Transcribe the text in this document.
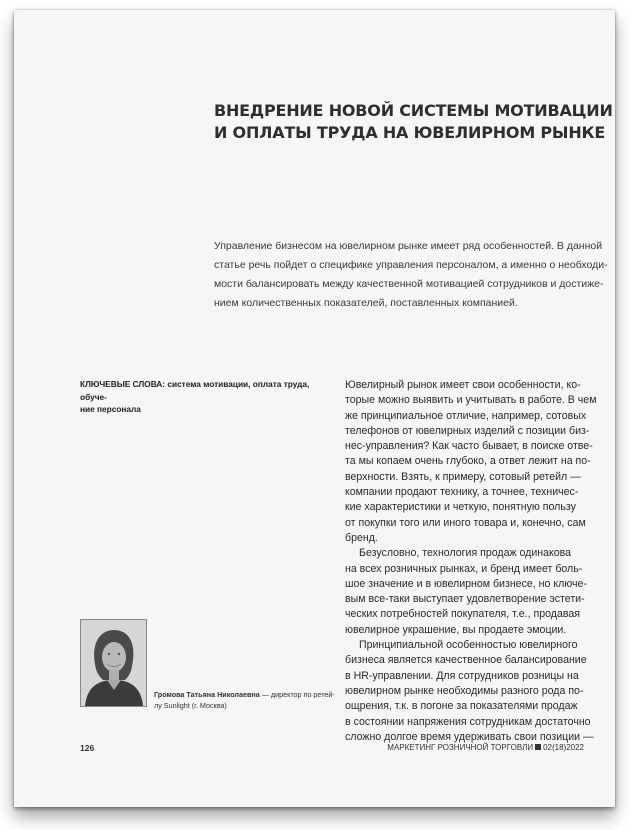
ВНЕДРЕНИЕ НОВОЙ СИСТЕМЫ МОТИВАЦИИ
И ОПЛАТЫ ТРУДА НА ЮВЕЛИРНОМ РЫНКЕ
Управление бизнесом на ювелирном рынке имеет ряд особенностей. В данной
статье речь пойдет о специфике управления персоналом, а именно о необходи-
мости балансировать между качественной мотивацией сотрудников и достиже-
нием количественных показателей, поставленных компанией.
КЛЮЧЕВЫЕ СЛОВА: система мотивации, оплата труда, обуче-
ние персонала
Ювелирный рынок имеет свои особенности, ко-
торые можно выявить и учитывать в работе. В чем
же принципиальное отличие, например, сотовых
телефонов от ювелирных изделий с позиции биз-
нес-управления? Как часто бывает, в поиске отве-
та мы копаем очень глубоко, а ответ лежит на по-
верхности. Взять, к примеру, сотовый ретейл —
компании продают технику, а точнее, техничес-
кие характеристики и четкую, понятную пользу
от покупки того или иного товара и, конечно, сам
бренд.
Безусловно, технология продаж одинакова
на всех розничных рынках, и бренд имеет боль-
шое значение и в ювелирном бизнесе, но ключе-
вым все-таки выступает удовлетворение эстети-
ческих потребностей покупателя, т.е., продавая
ювелирное украшение, вы продаете эмоции.
Принципиальной особенностью ювелирного
бизнеса является качественное балансирование
в HR-управлении. Для сотрудников розницы на
ювелирном рынке необходимы разного рода по-
ощрения, т.к. в погоне за показателями продаж
в состоянии напряжения сотрудникам достаточно
сложно долгое время удерживать свои позиции —
Громова Татьяна Николаевна — директор по ретей-
лу Sunlight (г. Москва)
126	МАРКЕТИНГ РОЗНИЧНОЙ ТОРГОВЛИ 02(18)2022
